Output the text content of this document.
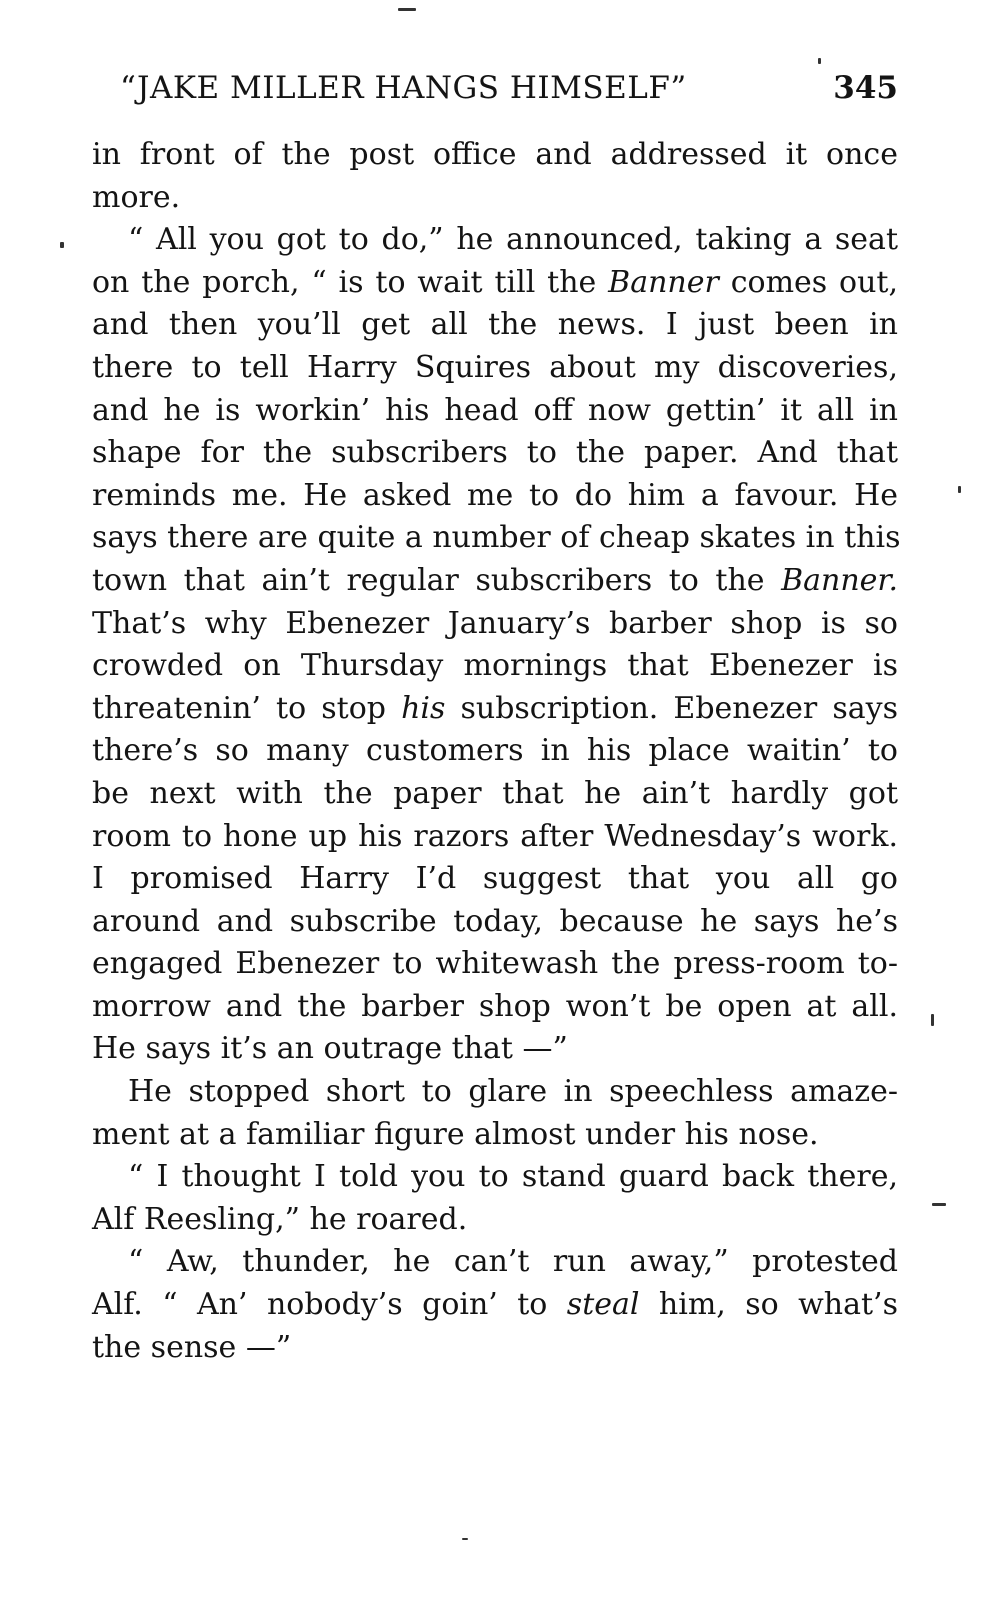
“JAKE MILLER HANGS HIMSELF”	345
in front of the post office and addressed it once
more.
“ All you got to do,” he announced, taking a seat
on the porch, “ is to wait till the Banner comes out,
and then you’ll get all the news. I just been in
there to tell Harry Squires about my discoveries,
and he is workin’ his head off now gettin’ it all in
shape for the subscribers to the paper. And that
reminds me. He asked me to do him a favour. He
says there are quite a number of cheap skates in this
town that ain’t regular subscribers to the Banner.
That’s why Ebenezer January’s barber shop is so
crowded on Thursday mornings that Ebenezer is
threatenin’ to stop his subscription. Ebenezer says
there’s so many customers in his place waitin’ to
be next with the paper that he ain’t hardly got
room to hone up his razors after Wednesday’s work.
I promised Harry I’d suggest that you all go
around and subscribe today, because he says he’s
engaged Ebenezer to whitewash the press-room to-
morrow and the barber shop won’t be open at all.
He says it’s an outrage that —”
He stopped short to glare in speechless amaze-
ment at a familiar figure almost under his nose.
“ I thought I told you to stand guard back there,
Alf Reesling,” he roared.
“ Aw, thunder, he can’t run away,” protested
Alf. “ An’ nobody’s goin’ to steal him, so what’s
the sense —”
